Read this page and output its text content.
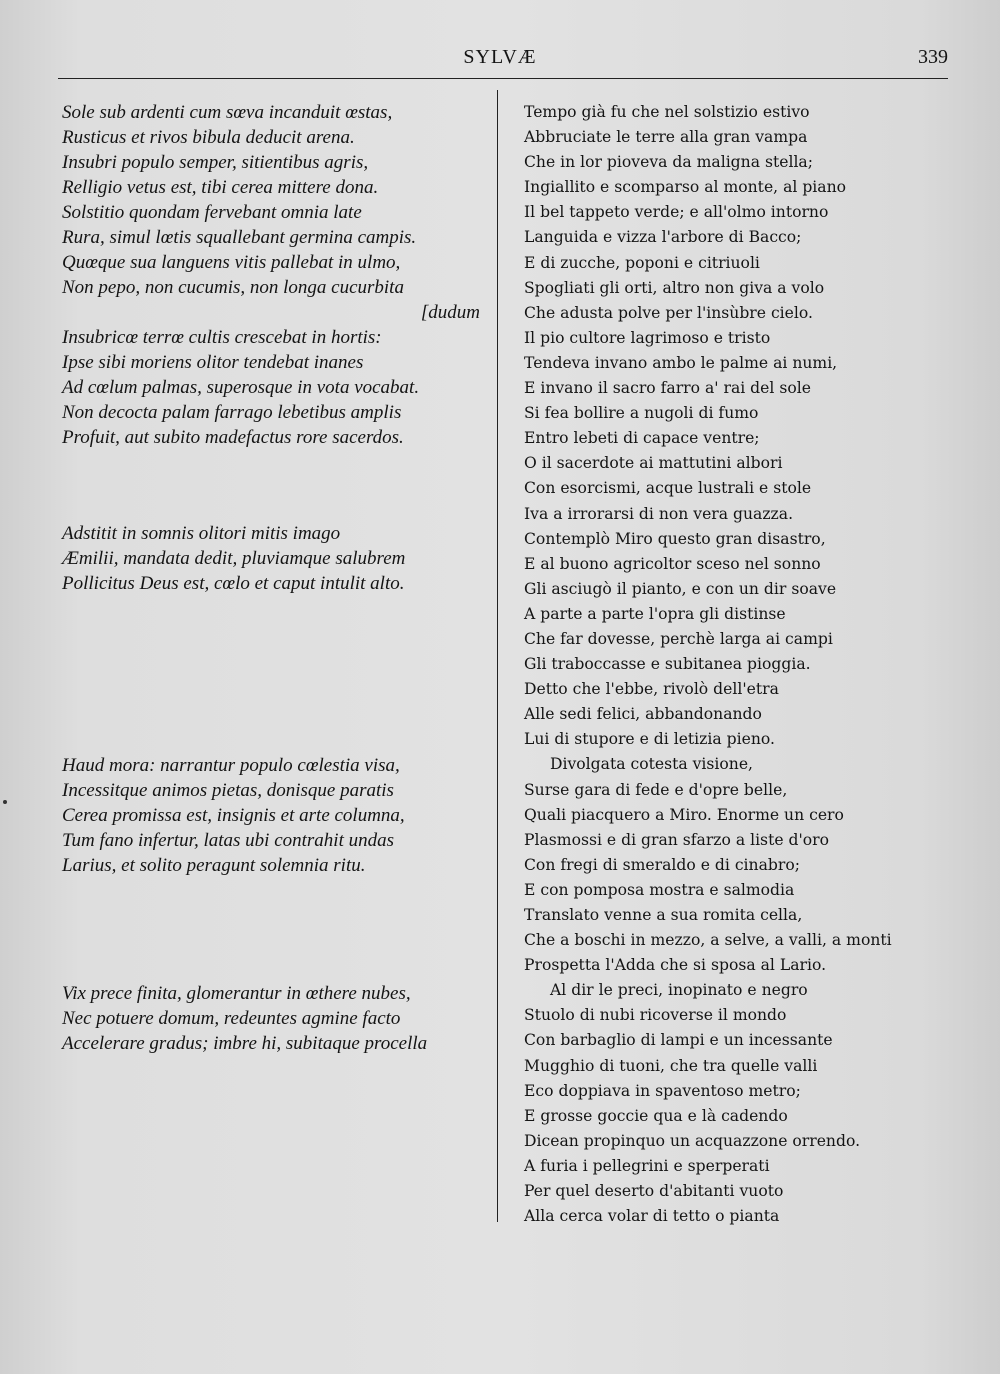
SYLVÆ	339
Sole sub ardenti cum sœva incanduit œstas,
Rusticus et rivos bibula deducit arena.
Insubri populo semper, sitientibus agris,
Relligio vetus est, tibi cerea mittere dona.
Solstitio quondam fervebant omnia late
Rura, simul lœtis squallebant germina campis.
Quœque sua languens vitis pallebat in ulmo,
Non pepo, non cucumis, non longa cucurbita
[dudum
Insubricœ terrœ cultis crescebat in hortis:
Ipse sibi moriens olitor tendebat inanes
Ad cœlum palmas, superosque in vota vocabat.
Non decocta palam farrago lebetibus amplis
Profuit, aut subito madefactus rore sacerdos.
Adstitit in somnis olitori mitis imago
Æmilii, mandata dedit, pluviamque salubrem
Pollicitus Deus est, cœlo et caput intulit alto.
Haud mora: narrantur populo cœlestia visa,
Incessitque animos pietas, donisque paratis
Cerea promissa est, insignis et arte columna,
Tum fano infertur, latas ubi contrahit undas
Larius, et solito peragunt solemnia ritu.
Vix prece finita, glomerantur in œthere nubes,
Nec potuere domum, redeuntes agmine facto
Accelerare gradus; imbre hi, subitaque procella
Tempo già fu che nel solstizio estivo
Abbruciate le terre alla gran vampa
Che in lor pioveva da maligna stella;
Ingiallito e scomparso al monte, al piano
Il bel tappeto verde; e all'olmo intorno
Languida e vizza l'arbore di Bacco;
E di zucche, poponi e citriuoli
Spogliati gli orti, altro non giva a volo
Che adusta polve per l'insùbre cielo.
Il pio cultore lagrimoso e tristo
Tendeva invano ambo le palme ai numi,
E invano il sacro farro a' rai del sole
Si fea bollire a nugoli di fumo
Entro lebeti di capace ventre;
O il sacerdote ai mattutini albori
Con esorcismi, acque lustrali e stole
Iva a irrorarsi di non vera guazza.
Contemplò Miro questo gran disastro,
E al buono agricoltor sceso nel sonno
Gli asciugò il pianto, e con un dir soave
A parte a parte l'opra gli distinse
Che far dovesse, perchè larga ai campi
Gli traboccasse e subitanea pioggia.
Detto che l'ebbe, rivolò dell'etra
Alle sedi felici, abbandonando
Lui di stupore e di letizia pieno.
Divolgata cotesta visione,
Surse gara di fede e d'opre belle,
Quali piacquero a Miro. Enorme un cero
Plasmossi e di gran sfarzo a liste d'oro
Con fregi di smeraldo e di cinabro;
E con pomposa mostra e salmodia
Translato venne a sua romita cella,
Che a boschi in mezzo, a selve, a valli, a monti
Prospetta l'Adda che si sposa al Lario.
Al dir le preci, inopinato e negro
Stuolo di nubi ricoverse il mondo
Con barbaglio di lampi e un incessante
Mugghio di tuoni, che tra quelle valli
Eco doppiava in spaventoso metro;
E grosse goccie qua e là cadendo
Dicean propinquo un acquazzone orrendo.
A furia i pellegrini e sperperati
Per quel deserto d'abitanti vuoto
Alla cerca volar di tetto o pianta
